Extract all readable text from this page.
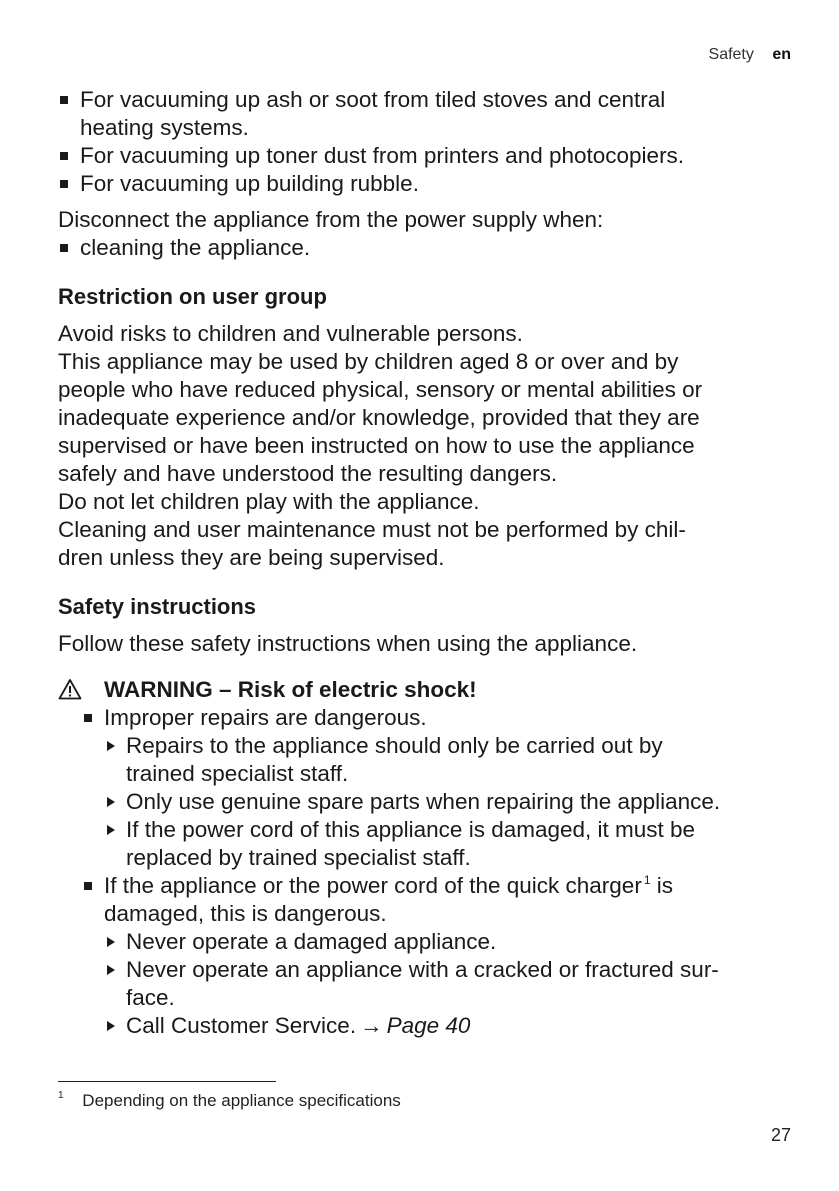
Safety en
For vacuuming up ash or soot from tiled stoves and central
heating systems.
For vacuuming up toner dust from printers and photocopiers.
For vacuuming up building rubble.
Disconnect the appliance from the power supply when:
cleaning the appliance.
Restriction on user group
Avoid risks to children and vulnerable persons.
This appliance may be used by children aged 8 or over and by
people who have reduced physical, sensory or mental abilities or
inadequate experience and/or knowledge, provided that they are
supervised or have been instructed on how to use the appliance
safely and have understood the resulting dangers.
Do not let children play with the appliance.
Cleaning and user maintenance must not be performed by chil-
dren unless they are being supervised.
Safety instructions
Follow these safety instructions when using the appliance.
WARNING – Risk of electric shock!
Improper repairs are dangerous.
Repairs to the appliance should only be carried out by
trained specialist staff.
Only use genuine spare parts when repairing the appliance.
If the power cord of this appliance is damaged, it must be
replaced by trained specialist staff.
If the appliance or the power cord of the quick charger $^1$ is
damaged, this is dangerous.
Never operate a damaged appliance.
Never operate an appliance with a cracked or fractured sur-
face.
Call Customer Service. → Page 40
$^1$ Depending on the appliance specifications
27
